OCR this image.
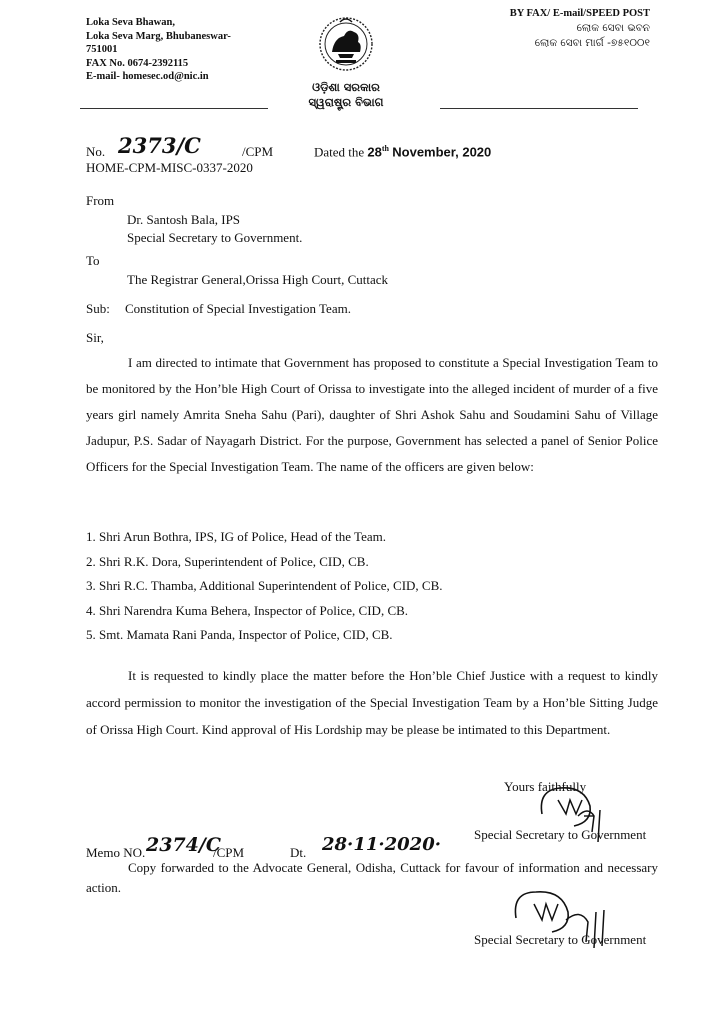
Loka Seva Bhawan,
Loka Seva Marg, Bhubaneswar-
751001
FAX No. 0674-2392115
E-mail- homesec.od@nic.in
BY FAX/ E-mail/SPEED POST
ଲୋକ ସେବା ଭବନ
ଲୋକ ସେବା ମାର୍ଗ -୭୫୧୦୦୧
ଓଡ଼ିଶା ସରକାର
ସ୍ୱରାଷ୍ଟ୍ର ବିଭାଗ
No. 2373/C	/CPM	Dated the 28th November, 2020
HOME-CPM-MISC-0337-2020
From
Dr. Santosh Bala, IPS
Special Secretary to Government.
To
The Registrar General,Orissa High Court, Cuttack
Sub: Constitution of Special Investigation Team.
Sir,
I am directed to intimate that Government has proposed to constitute a Special Investigation Team to be monitored by the Hon’ble High Court of Orissa to investigate into the alleged incident of murder of a five years girl namely Amrita Sneha Sahu (Pari), daughter of Shri Ashok Sahu and Soudamini Sahu of Village Jadupur, P.S. Sadar of Nayagarh District. For the purpose, Government has selected a panel of Senior Police Officers for the Special Investigation Team. The name of the officers are given below:
1. Shri Arun Bothra, IPS, IG of Police, Head of the Team.
2. Shri R.K. Dora, Superintendent of Police, CID, CB.
3. Shri R.C. Thamba, Additional Superintendent of Police, CID, CB.
4. Shri Narendra Kuma Behera, Inspector of Police, CID, CB.
5. Smt. Mamata Rani Panda, Inspector of Police, CID, CB.
It is requested to kindly place the matter before the Hon’ble Chief Justice with a request to kindly accord permission to monitor the investigation of the Special Investigation Team by a Hon’ble Sitting Judge of Orissa High Court. Kind approval of His Lordship may be please be intimated to this Department.
Yours faithfully
Special Secretary to Government
Memo NO. 2374/C
/CPM	Dt. 28·11·2020·
Copy forwarded to the Advocate General, Odisha, Cuttack for favour of information and necessary action.
Special Secretary to Government
